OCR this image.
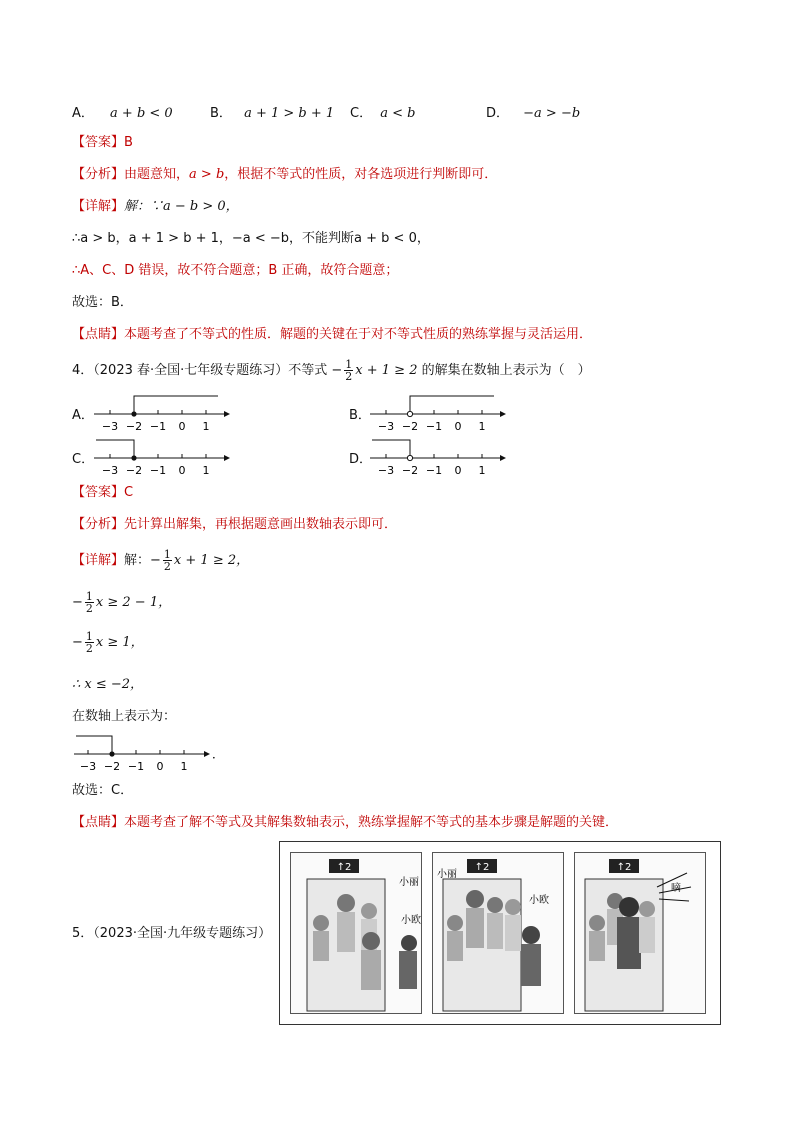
A． a + b < 0	B． a + 1 > b + 1 C． a < b	D． −a > −b
【答案】B
【分析】由题意知，a > b，根据不等式的性质，对各选项进行判断即可．
【详解】解：∵a − b > 0，
∴a > b，a + 1 > b + 1，−a < −b，不能判断a + b < 0，
∴A、C、D 错误，故不符合题意；B 正确，故符合题意；
故选：B．
【点睛】本题考查了不等式的性质．解题的关键在于对不等式性质的熟练掌握与灵活运用．
4．（2023 春·全国·七年级专题练习）不等式 − $\frac{1}{2}$ x + 1 ≥ 2 的解集在数轴上表示为（　）
A．
−3 −2 −1 0 1
B．
−3 −2 −1 0 1
C．
−3 −2 −1 0 1
D．
−3 −2 −1 0 1
【答案】C
【分析】先计算出解集，再根据题意画出数轴表示即可．
【详解】解：− $\frac{1}{2}$ x + 1 ≥ 2，
− $\frac{1}{2}$ x ≥ 2 − 1，
− $\frac{1}{2}$ x ≥ 1，
∴ x ≤ −2，
在数轴上表示为：
−3 −2 −1 0 1
．
故选：C．
【点睛】本题考查了解不等式及其解集数轴表示，熟练掌握解不等式的基本步骤是解题的关键．
5．（2023·全国·九年级专题练习）
↑2
小丽
小欧
↑2
小丽
小欧
↑2
嘀
